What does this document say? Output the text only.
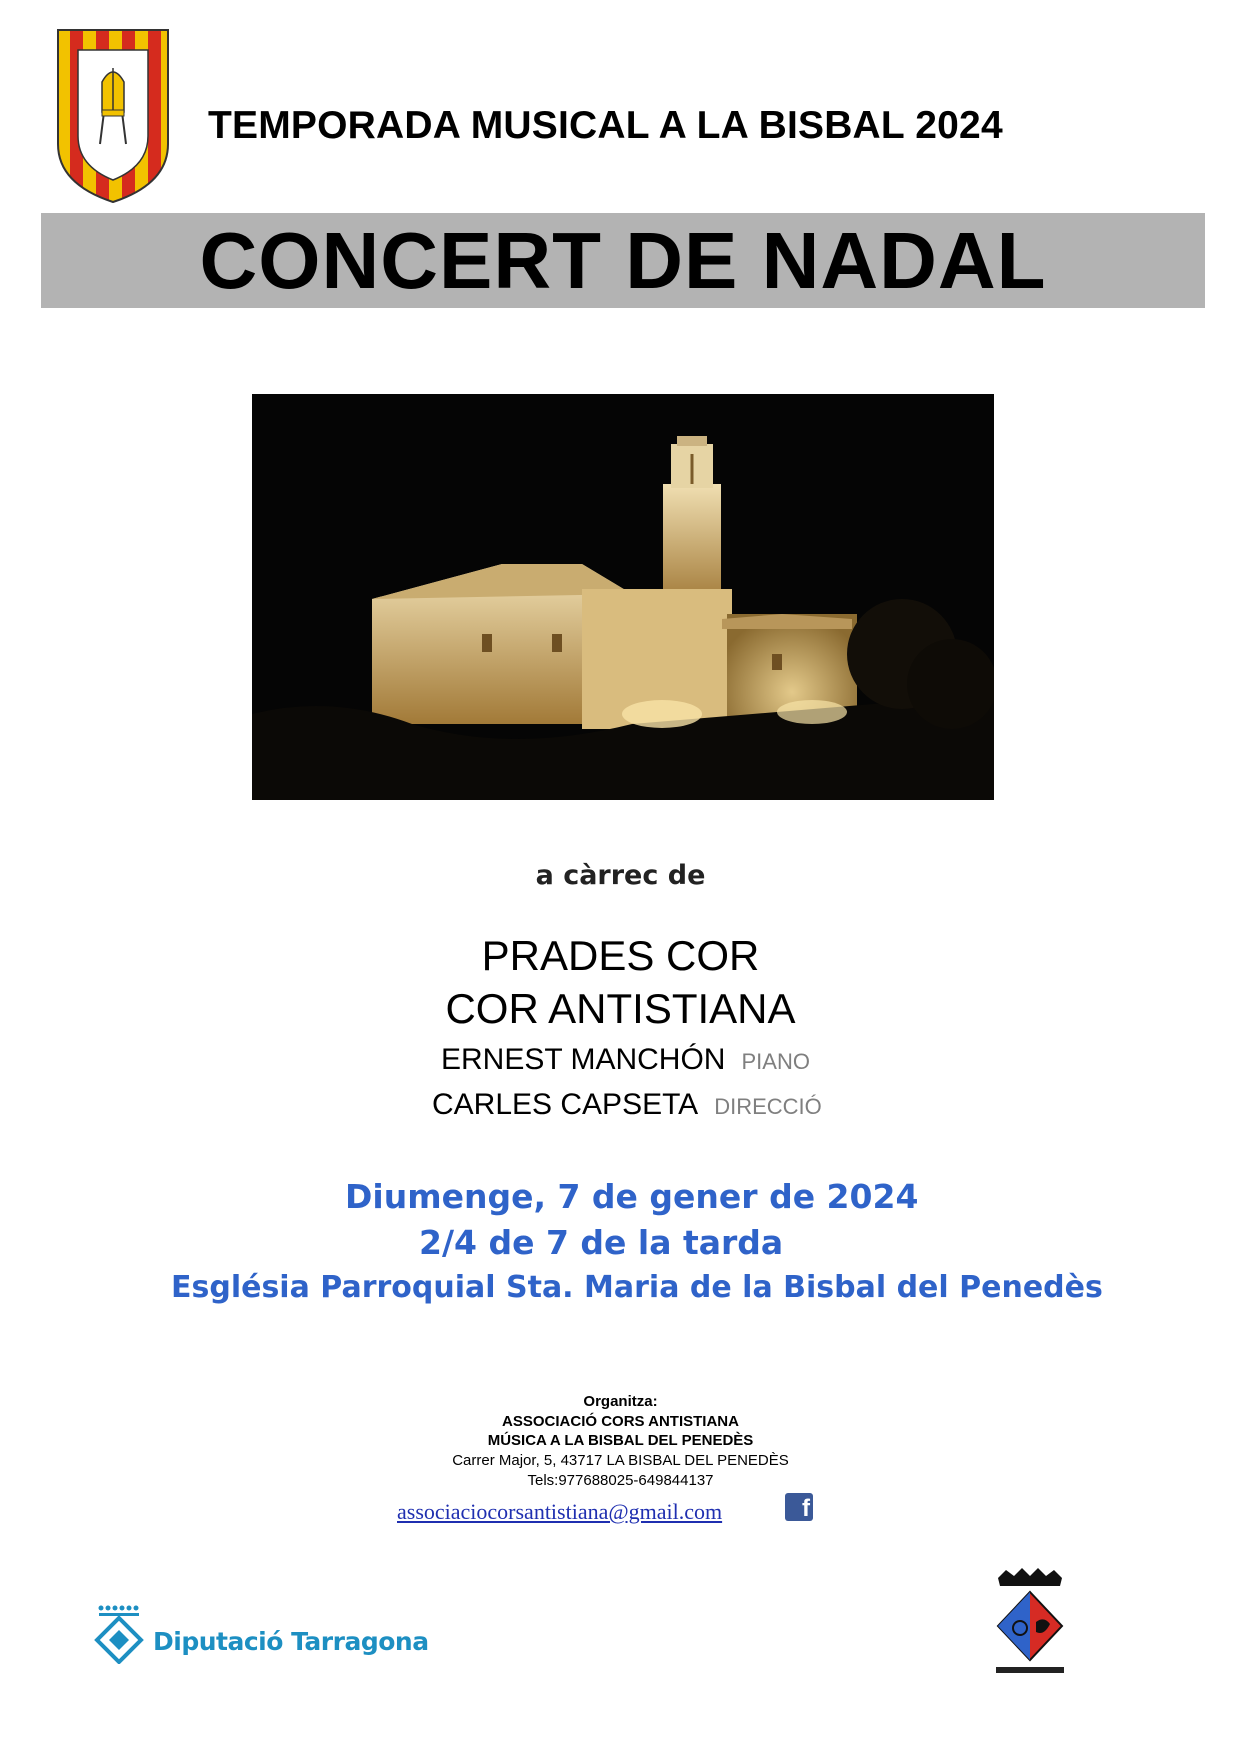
TEMPORADA MUSICAL A LA BISBAL 2024
CONCERT DE NADAL
a càrrec de
PRADES COR
COR ANTISTIANA
ERNEST MANCHÓN PIANO
CARLES CAPSETA DIRECCIÓ
Diumenge, 7 de gener de 2024
2/4 de 7 de la tarda
Església Parroquial Sta. Maria de la Bisbal del Penedès
Organitza:
ASSOCIACIÓ CORS ANTISTIANA
MÚSICA A LA BISBAL DEL PENEDÈS
Carrer Major, 5, 43717 LA BISBAL DEL PENEDÈS
Tels:977688025-649844137
associaciocorsantistiana@gmail.com	f
Diputació Tarragona
